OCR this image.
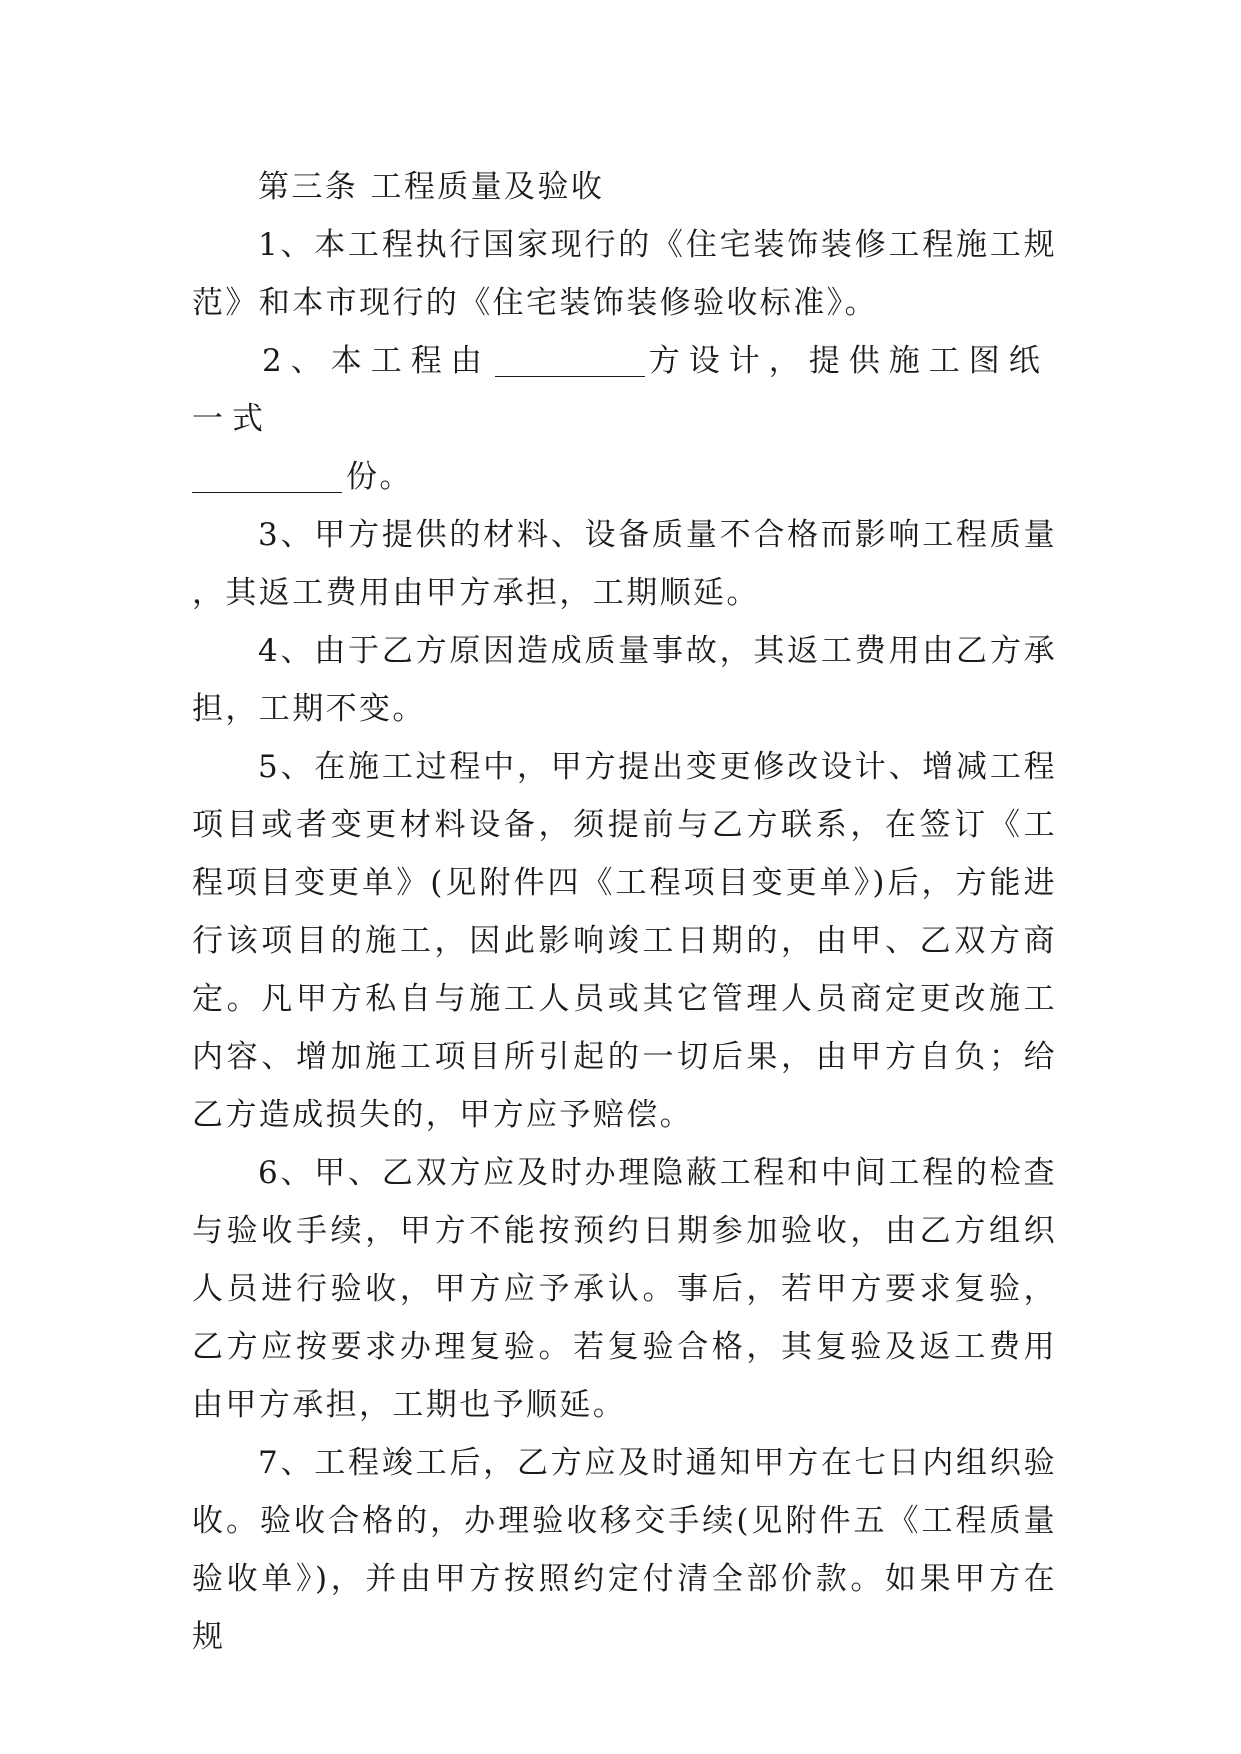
第三条 工程质量及验收

1、本工程执行国家现行的《住宅装饰装修工程施工规范》和本市现行的《住宅装饰装修验收标准》。

2、本工程由	方设计，提供施工图纸一式

份。

3、甲方提供的材料、设备质量不合格而影响工程质量，其返工费用由甲方承担，工期顺延。

4、由于乙方原因造成质量事故，其返工费用由乙方承担，工期不变。

5、在施工过程中，甲方提出变更修改设计、增减工程项目或者变更材料设备，须提前与乙方联系，在签订《工程项目变更单》(见附件四《工程项目变更单》)后，方能进行该项目的施工，因此影响竣工日期的，由甲、乙双方商定。凡甲方私自与施工人员或其它管理人员商定更改施工内容、增加施工项目所引起的一切后果，由甲方自负；给乙方造成损失的，甲方应予赔偿。

6、甲、乙双方应及时办理隐蔽工程和中间工程的检查与验收手续，甲方不能按预约日期参加验收，由乙方组织人员进行验收，甲方应予承认。事后，若甲方要求复验，乙方应按要求办理复验。若复验合格，其复验及返工费用由甲方承担，工期也予顺延。

7、工程竣工后，乙方应及时通知甲方在七日内组织验收。验收合格的，办理验收移交手续(见附件五《工程质量验收单》)，并由甲方按照约定付清全部价款。如果甲方在规
